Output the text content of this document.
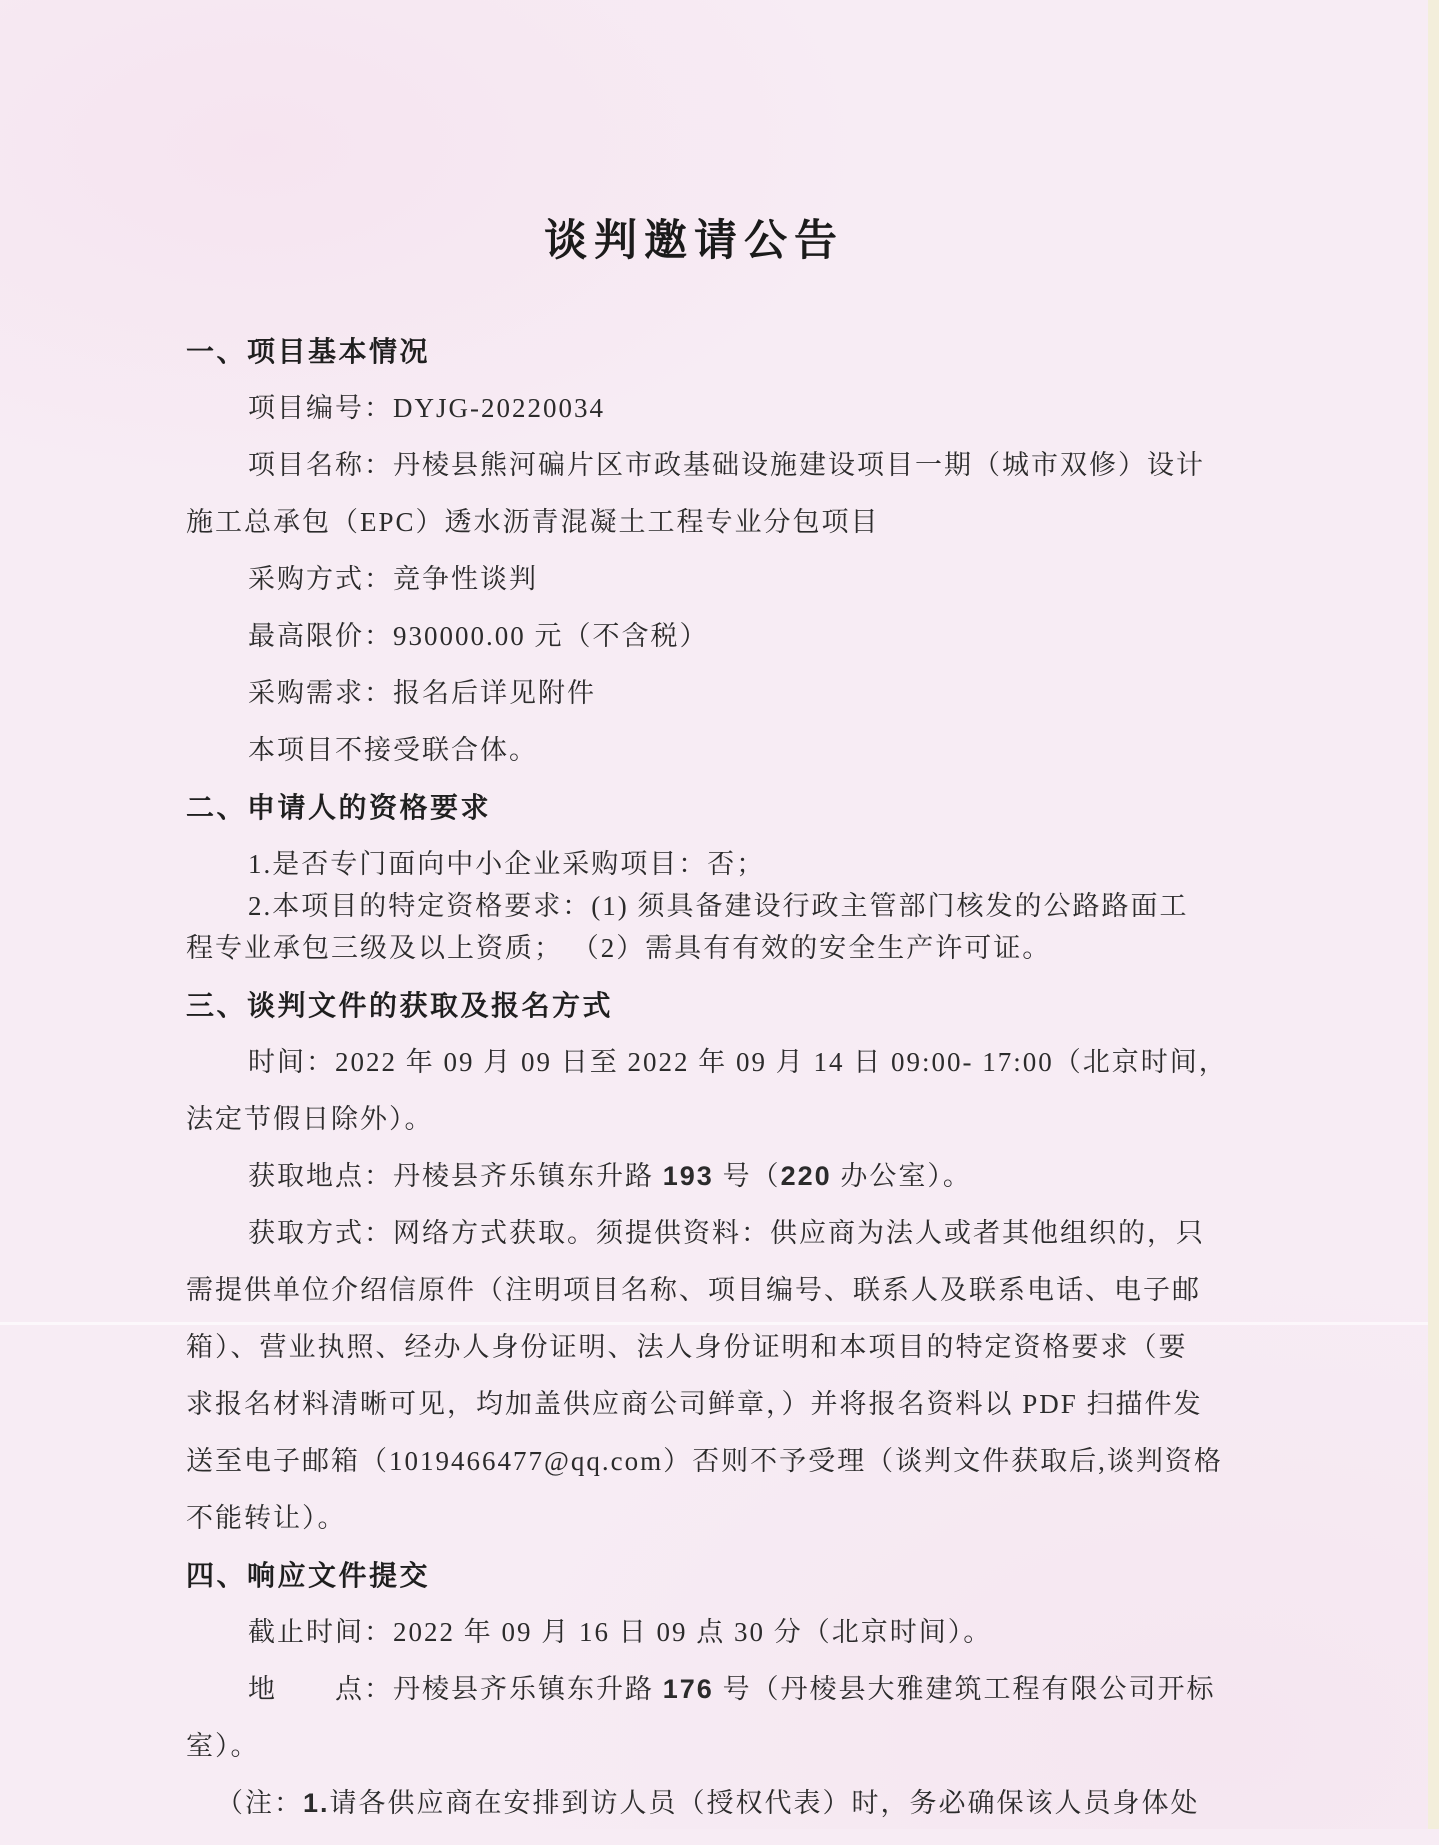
谈判邀请公告
一、项目基本情况
项目编号：DYJG-20220034
项目名称：丹棱县熊河碥片区市政基础设施建设项目一期（城市双修）设计
施工总承包（EPC）透水沥青混凝土工程专业分包项目
采购方式：竞争性谈判
最高限价：930000.00 元（不含税）
采购需求：报名后详见附件
本项目不接受联合体。
二、申请人的资格要求
1.是否专门面向中小企业采购项目：否；
2.本项目的特定资格要求：(1) 须具备建设行政主管部门核发的公路路面工
程专业承包三级及以上资质； （2）需具有有效的安全生产许可证。
三、谈判文件的获取及报名方式
时间：2022 年 09 月 09 日至 2022 年 09 月 14 日 09:00- 17:00（北京时间，
法定节假日除外）。
获取地点：丹棱县齐乐镇东升路 193 号（220 办公室）。
获取方式：网络方式获取。须提供资料：供应商为法人或者其他组织的，只
需提供单位介绍信原件（注明项目名称、项目编号、联系人及联系电话、电子邮
箱）、营业执照、经办人身份证明、法人身份证明和本项目的特定资格要求（要
求报名材料清晰可见，均加盖供应商公司鲜章，）并将报名资料以 PDF 扫描件发
送至电子邮箱（1019466477@qq.com）否则不予受理（谈判文件获取后,谈判资格
不能转让）。
四、响应文件提交
截止时间：2022 年 09 月 16 日 09 点 30 分（北京时间）。
地　　点：丹棱县齐乐镇东升路 176 号（丹棱县大雅建筑工程有限公司开标
室）。
（注：1.请各供应商在安排到访人员（授权代表）时，务必确保该人员身体处
